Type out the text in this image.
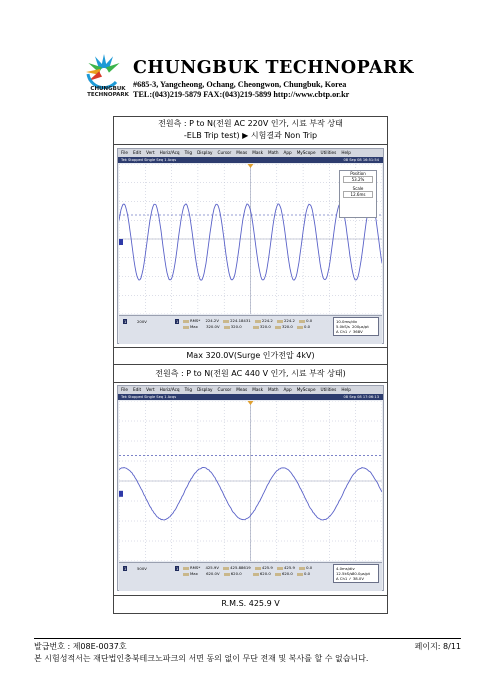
CHUNGBUK
TECHNOPARK
CHUNGBUK TECHNOPARK
#685-3, Yangcheong, Ochang, Cheongwon, Chungbuk, Korea
TEL:(043)219-5879 FAX:(043)219-5899 http://www.cbtp.or.kr
전원측 : P to N(전원 AC 220V 인가, 시료 부작 상태
-ELB Trip test) ▶ 시험결과 Non Trip
File Edit Vert Horiz/Acq Trig Display Cursor Meas Mask Math App MyScope Utilities Help
Tek Stopped Single Seq 1 Acqs	08 Sep 08 16:51:54
Position
53.2%
Scale
12.6ms
1	200V	1	RMS* 224.2V	224.18431	224.2	224.2	0.0
Max 320.0V	320.0	320.0	320.0	0.0
10.0ms/div
5.0kS/s 200μs/pt
A Ch1 ✓ 368V
Max 320.0V(Surge 인가전압 4kV)
전원측 : P to N(전원 AC 440 V 인가, 시료 부작 상태)
File Edit Vert Horiz/Acq Trig Display Cursor Meas Mask Math App MyScope Utilities Help
Tek Stopped Single Seq 1 Acqs	08 Sep 08 17:06:13
1	500V	1	RMS* 425.9V	425.88619	425.9	425.9	0.0
Max 620.0V	620.0	620.0	620.0	0.0
4.0ms/div
12.5kS/s 80.0μs/pt
A Ch1 ✓ 38.0V
R.M.S. 425.9 V
발급번호 : 제08E-0037호	페이지: 8/11
본 시험성적서는 재단법인충북테크노파크의 서면 동의 없이 무단 전재 및 복사를 할 수 없습니다.
